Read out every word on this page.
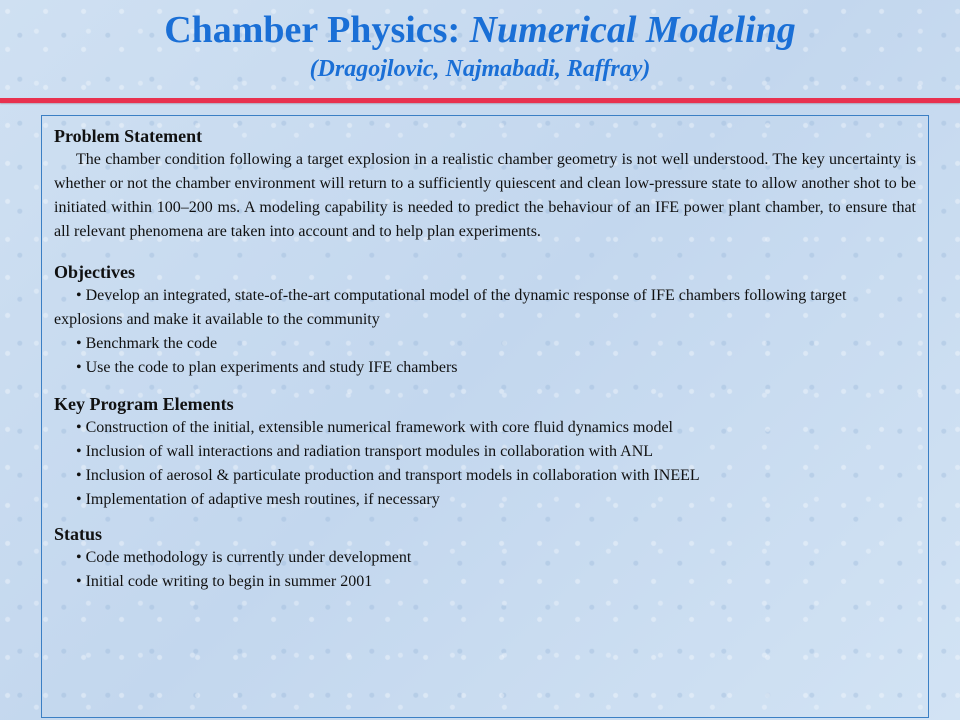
Chamber Physics: Numerical Modeling
(Dragojlovic, Najmabadi, Raffray)

Problem Statement

The chamber condition following a target explosion in a realistic chamber geometry is not well understood. The key uncertainty is whether or not the chamber environment will return to a sufficiently quiescent and clean low-pressure state to allow another shot to be initiated within 100–200 ms. A modeling capability is needed to predict the behaviour of an IFE power plant chamber, to ensure that all relevant phenomena are taken into account and to help plan experiments.

Objectives

• Develop an integrated, state-of-the-art computational model of the dynamic response of IFE chambers following target explosions and make it available to the community

• Benchmark the code

• Use the code to plan experiments and study IFE chambers

Key Program Elements

• Construction of the initial, extensible numerical framework with core fluid dynamics model

• Inclusion of wall interactions and radiation transport modules in collaboration with ANL

• Inclusion of aerosol & particulate production and transport models in collaboration with INEEL

• Implementation of adaptive mesh routines, if necessary

Status

• Code methodology is currently under development

• Initial code writing to begin in summer 2001
